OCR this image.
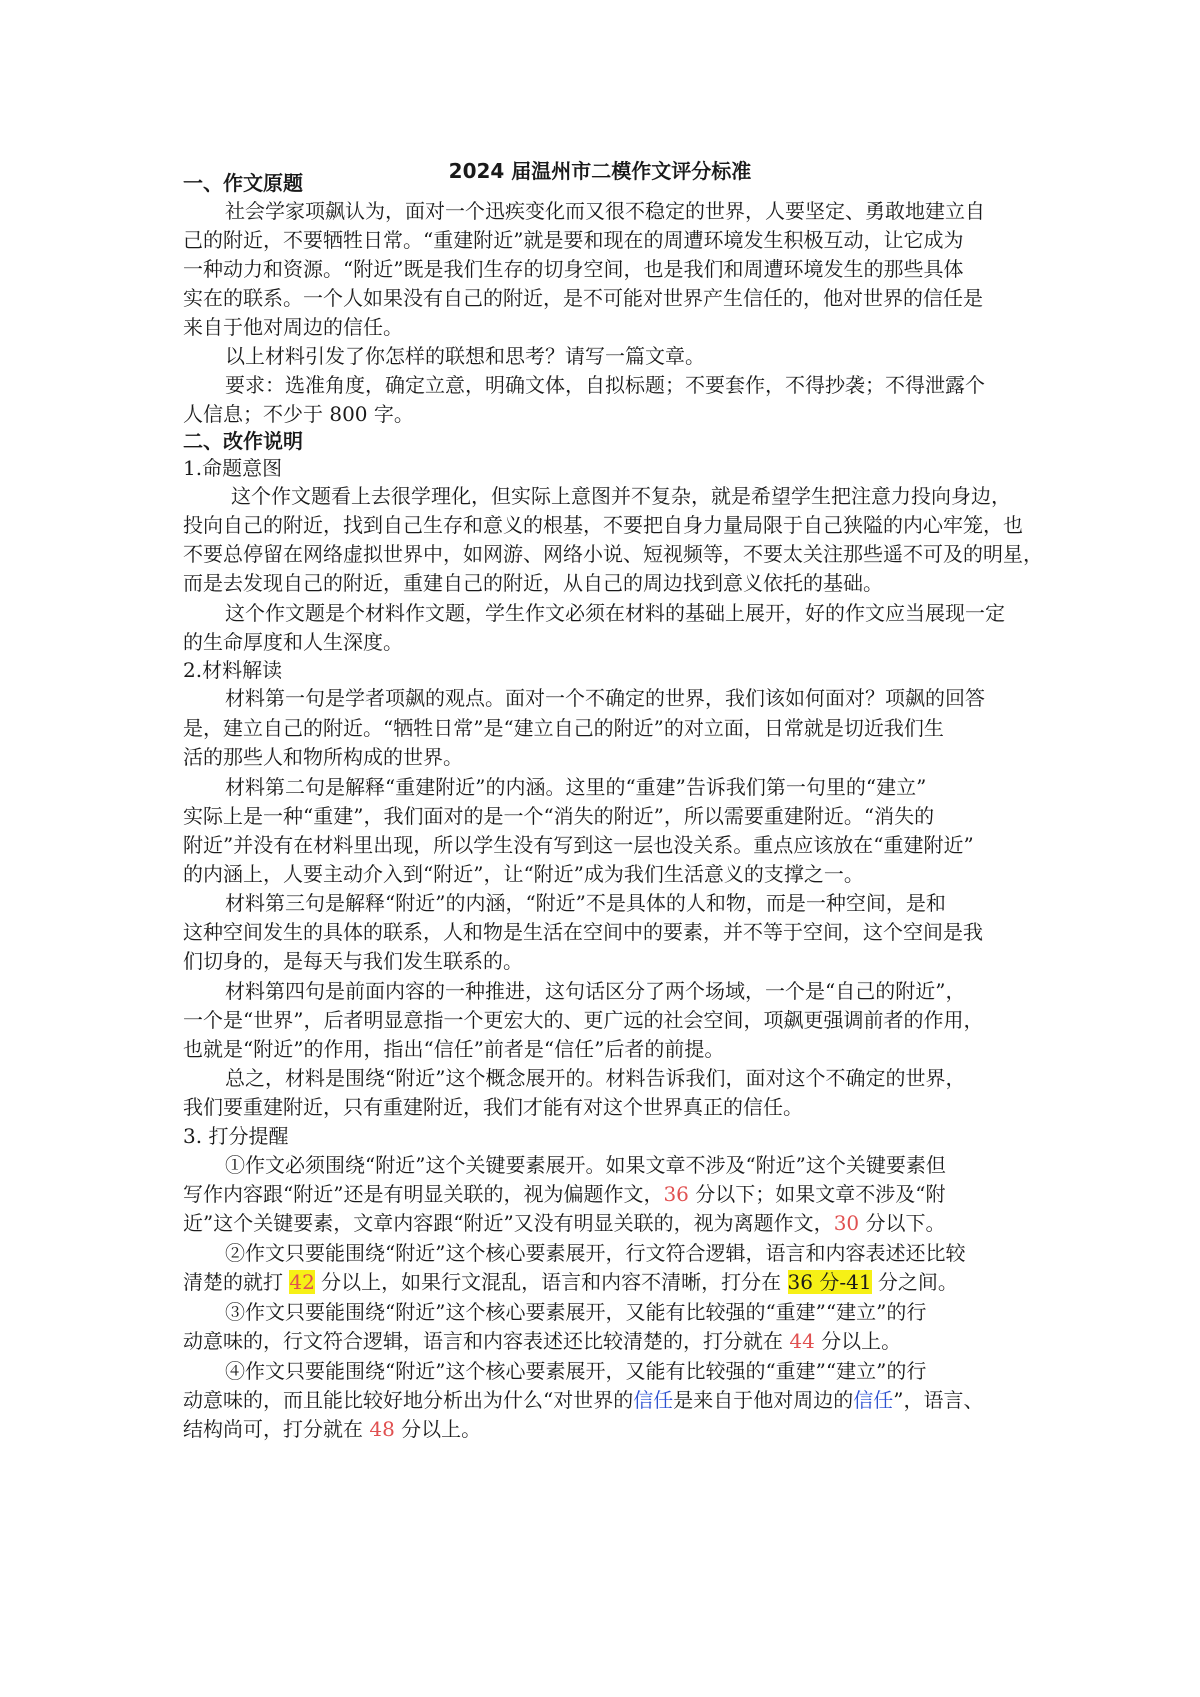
2024 届温州市二模作文评分标准
一、作文原题
社会学家项飙认为，面对一个迅疾变化而又很不稳定的世界，人要坚定、勇敢地建立自
己的附近，不要牺牲日常。“重建附近”就是要和现在的周遭环境发生积极互动，让它成为
一种动力和资源。“附近”既是我们生存的切身空间，也是我们和周遭环境发生的那些具体
实在的联系。一个人如果没有自己的附近，是不可能对世界产生信任的，他对世界的信任是
来自于他对周边的信任。
以上材料引发了你怎样的联想和思考？请写一篇文章。
要求：选准角度，确定立意，明确文体，自拟标题；不要套作，不得抄袭；不得泄露个
人信息；不少于 800 字。
二、改作说明
1.命题意图
这个作文题看上去很学理化，但实际上意图并不复杂，就是希望学生把注意力投向身边，
投向自己的附近，找到自己生存和意义的根基，不要把自身力量局限于自己狭隘的内心牢笼，也
不要总停留在网络虚拟世界中，如网游、网络小说、短视频等，不要太关注那些遥不可及的明星，
而是去发现自己的附近，重建自己的附近，从自己的周边找到意义依托的基础。
这个作文题是个材料作文题，学生作文必须在材料的基础上展开，好的作文应当展现一定
的生命厚度和人生深度。
2.材料解读
材料第一句是学者项飙的观点。面对一个不确定的世界，我们该如何面对？项飙的回答
是，建立自己的附近。“牺牲日常”是“建立自己的附近”的对立面，日常就是切近我们生
活的那些人和物所构成的世界。
材料第二句是解释“重建附近”的内涵。这里的“重建”告诉我们第一句里的“建立”
实际上是一种“重建”，我们面对的是一个“消失的附近”，所以需要重建附近。“消失的
附近”并没有在材料里出现，所以学生没有写到这一层也没关系。重点应该放在“重建附近”
的内涵上，人要主动介入到“附近”，让“附近”成为我们生活意义的支撑之一。
材料第三句是解释“附近”的内涵，“附近”不是具体的人和物，而是一种空间，是和
这种空间发生的具体的联系，人和物是生活在空间中的要素，并不等于空间，这个空间是我
们切身的，是每天与我们发生联系的。
材料第四句是前面内容的一种推进，这句话区分了两个场域，一个是“自己的附近”，
一个是“世界”，后者明显意指一个更宏大的、更广远的社会空间，项飙更强调前者的作用，
也就是“附近”的作用，指出“信任”前者是“信任”后者的前提。
总之，材料是围绕“附近”这个概念展开的。材料告诉我们，面对这个不确定的世界，
我们要重建附近，只有重建附近，我们才能有对这个世界真正的信任。
3. 打分提醒
①作文必须围绕“附近”这个关键要素展开。如果文章不涉及“附近”这个关键要素但
写作内容跟“附近”还是有明显关联的，视为偏题作文，36 分以下；如果文章不涉及“附
近”这个关键要素，文章内容跟“附近”又没有明显关联的，视为离题作文，30 分以下。
②作文只要能围绕“附近”这个核心要素展开，行文符合逻辑，语言和内容表述还比较
清楚的就打 42 分以上，如果行文混乱，语言和内容不清晰，打分在 36 分-41 分之间。
③作文只要能围绕“附近”这个核心要素展开，又能有比较强的“重建”“建立”的行
动意味的，行文符合逻辑，语言和内容表述还比较清楚的，打分就在 44 分以上。
④作文只要能围绕“附近”这个核心要素展开，又能有比较强的“重建”“建立”的行
动意味的，而且能比较好地分析出为什么“对世界的信任是来自于他对周边的信任”，语言、
结构尚可，打分就在 48 分以上。
